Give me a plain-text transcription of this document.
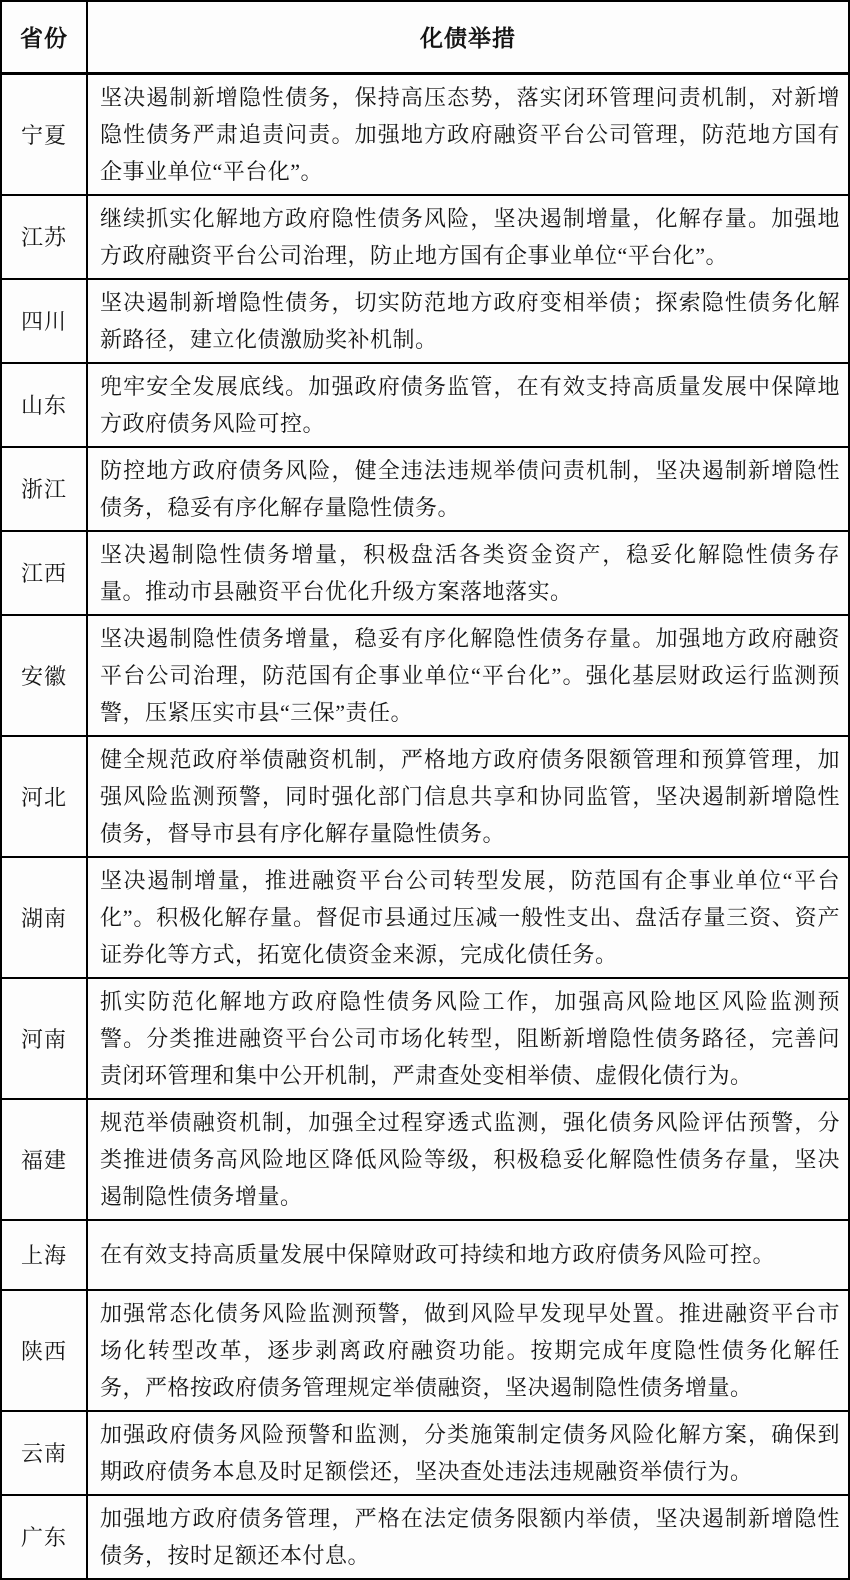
省份	化债举措
宁夏	坚决遏制新增隐性债务，保持高压态势，落实闭环管理问责机制，对新增隐性债务严肃追责问责。加强地方政府融资平台公司管理，防范地方国有企事业单位“平台化”。
江苏	继续抓实化解地方政府隐性债务风险，坚决遏制增量，化解存量。加强地方政府融资平台公司治理，防止地方国有企事业单位“平台化”。
四川	坚决遏制新增隐性债务，切实防范地方政府变相举债；探索隐性债务化解新路径，建立化债激励奖补机制。
山东	兜牢安全发展底线。加强政府债务监管，在有效支持高质量发展中保障地方政府债务风险可控。
浙江	防控地方政府债务风险，健全违法违规举债问责机制，坚决遏制新增隐性债务，稳妥有序化解存量隐性债务。
江西	坚决遏制隐性债务增量，积极盘活各类资金资产，稳妥化解隐性债务存量。推动市县融资平台优化升级方案落地落实。
安徽	坚决遏制隐性债务增量，稳妥有序化解隐性债务存量。加强地方政府融资平台公司治理，防范国有企事业单位“平台化”。强化基层财政运行监测预警，压紧压实市县“三保”责任。
河北	健全规范政府举债融资机制，严格地方政府债务限额管理和预算管理，加强风险监测预警，同时强化部门信息共享和协同监管，坚决遏制新增隐性债务，督导市县有序化解存量隐性债务。
湖南	坚决遏制增量，推进融资平台公司转型发展，防范国有企事业单位“平台化”。积极化解存量。督促市县通过压减一般性支出、盘活存量三资、资产证券化等方式，拓宽化债资金来源，完成化债任务。
河南	抓实防范化解地方政府隐性债务风险工作，加强高风险地区风险监测预警。分类推进融资平台公司市场化转型，阻断新增隐性债务路径，完善问责闭环管理和集中公开机制，严肃查处变相举债、虚假化债行为。
福建	规范举债融资机制，加强全过程穿透式监测，强化债务风险评估预警，分类推进债务高风险地区降低风险等级，积极稳妥化解隐性债务存量，坚决遏制隐性债务增量。
上海	在有效支持高质量发展中保障财政可持续和地方政府债务风险可控。
陕西	加强常态化债务风险监测预警，做到风险早发现早处置。推进融资平台市场化转型改革，逐步剥离政府融资功能。按期完成年度隐性债务化解任务，严格按政府债务管理规定举债融资，坚决遏制隐性债务增量。
云南	加强政府债务风险预警和监测，分类施策制定债务风险化解方案，确保到期政府债务本息及时足额偿还，坚决查处违法违规融资举债行为。
广东	加强地方政府债务管理，严格在法定债务限额内举债，坚决遏制新增隐性债务，按时足额还本付息。
